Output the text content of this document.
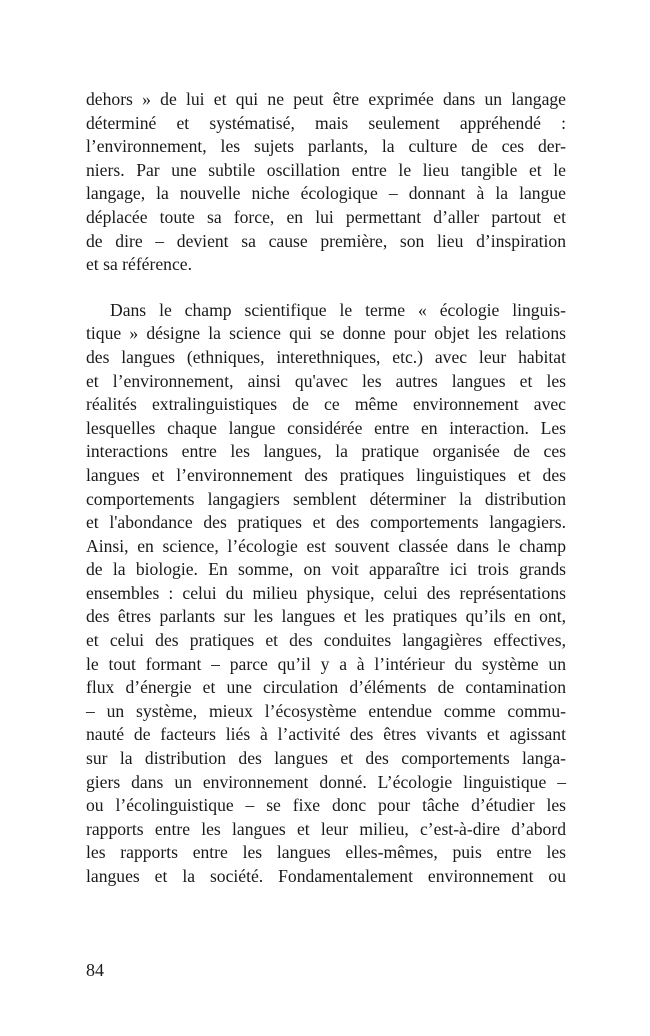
dehors » de lui et qui ne peut être exprimée dans un langage
déterminé et systématisé, mais seulement appréhendé :
l’environnement, les sujets parlants, la culture de ces der-
niers. Par une subtile oscillation entre le lieu tangible et le
langage, la nouvelle niche écologique – donnant à la langue
déplacée toute sa force, en lui permettant d’aller partout et
de dire – devient sa cause première, son lieu d’inspiration
et sa référence.

Dans le champ scientifique le terme « écologie linguis-
tique » désigne la science qui se donne pour objet les relations
des langues (ethniques, interethniques, etc.) avec leur habitat
et l’environnement, ainsi qu'avec les autres langues et les
réalités extralinguistiques de ce même environnement avec
lesquelles chaque langue considérée entre en interaction. Les
interactions entre les langues, la pratique organisée de ces
langues et l’environnement des pratiques linguistiques et des
comportements langagiers semblent déterminer la distribution
et l'abondance des pratiques et des comportements langagiers.
Ainsi, en science, l’écologie est souvent classée dans le champ
de la biologie. En somme, on voit apparaître ici trois grands
ensembles : celui du milieu physique, celui des représentations
des êtres parlants sur les langues et les pratiques qu’ils en ont,
et celui des pratiques et des conduites langagières effectives,
le tout formant – parce qu’il y a à l’intérieur du système un
flux d’énergie et une circulation d’éléments de contamination
– un système, mieux l’écosystème entendue comme commu-
nauté de facteurs liés à l’activité des êtres vivants et agissant
sur la distribution des langues et des comportements langa-
giers dans un environnement donné. L’écologie linguistique –
ou l’écolinguistique – se fixe donc pour tâche d’étudier les
rapports entre les langues et leur milieu, c’est-à-dire d’abord
les rapports entre les langues elles-mêmes, puis entre les
langues et la société. Fondamentalement environnement ou

84
